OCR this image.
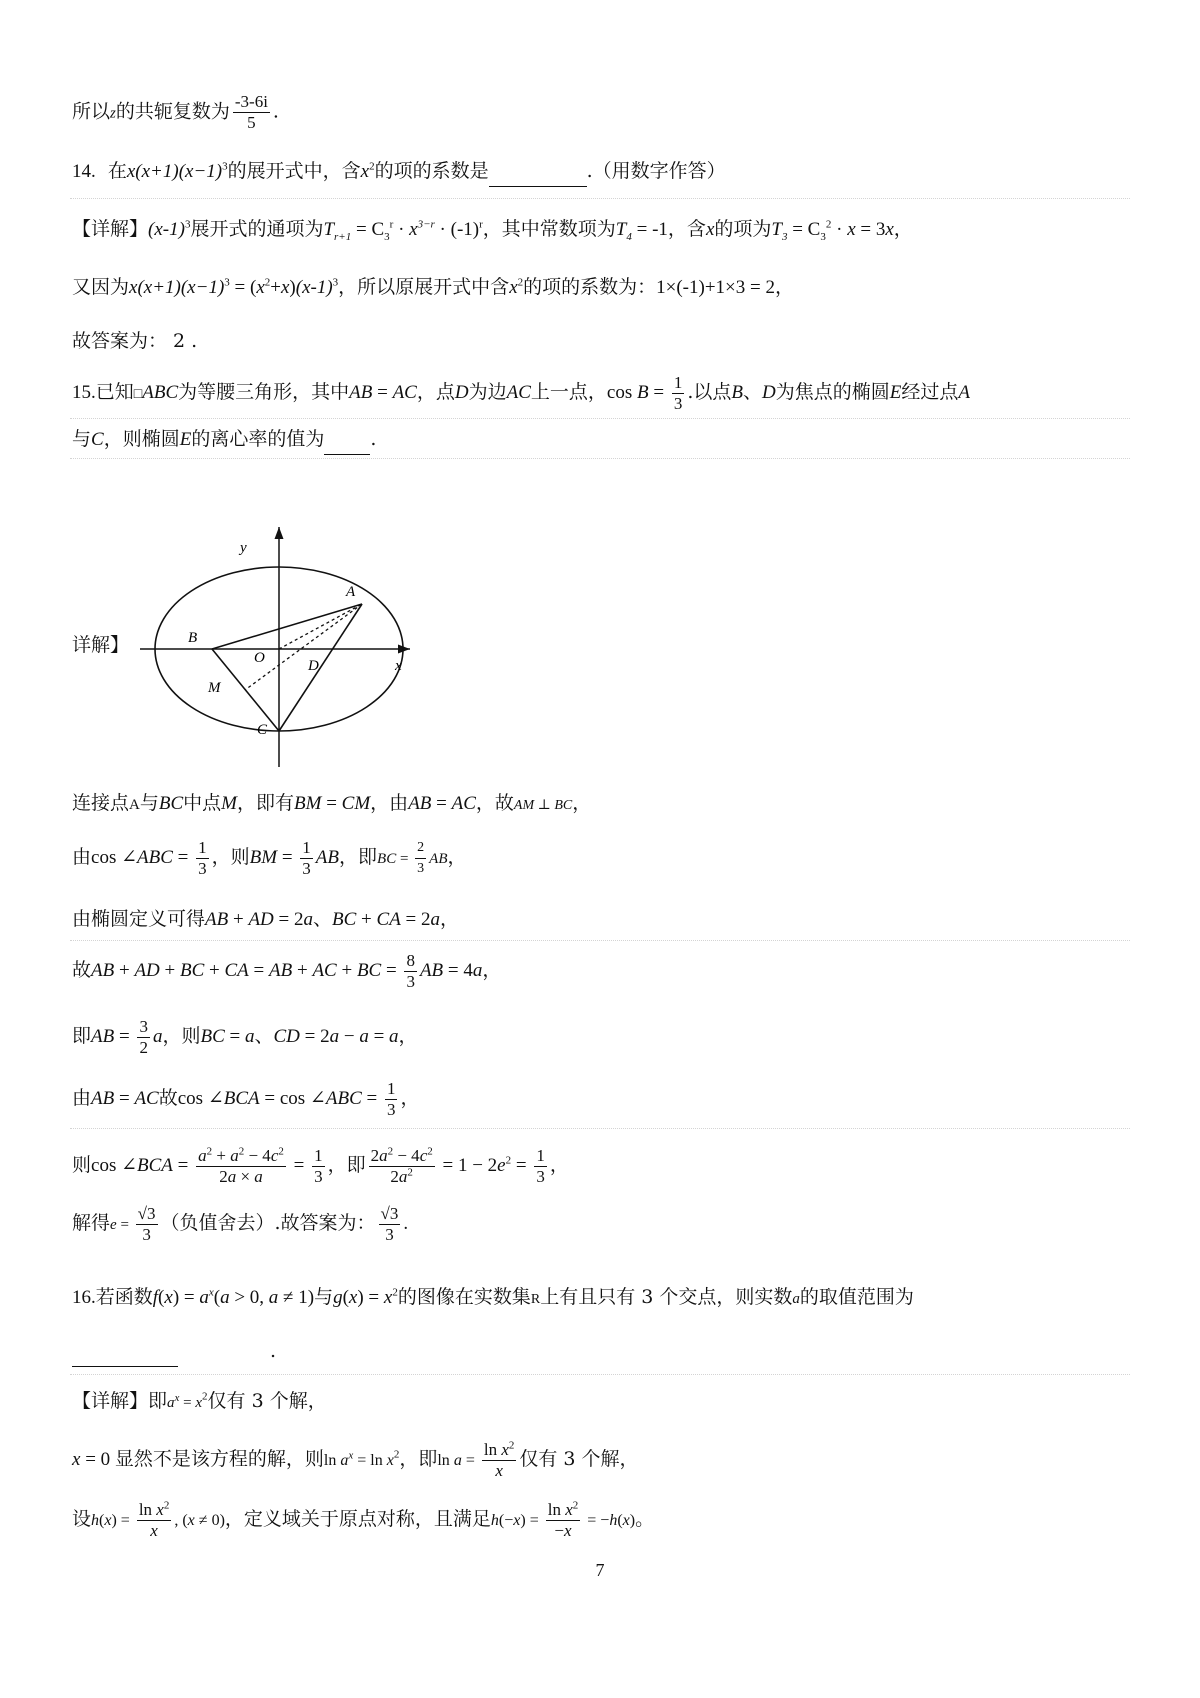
所以z的共轭复数为 $\frac{-3-6i}{5}$ .
14. 在$x(x+1)(x-1)^3$的展开式中，含$x^2$的项的系数是	.（用数字作答）
【详解】$(x-1)^3$展开式的通项为$T_{r+1} = C_3^r \cdot x^{3-r} \cdot (-1)^r$，其中常数项为$T_4 = -1$，含x的项为$T_3 = C_3^2 \cdot x = 3x$，
又因为$x(x+1)(x-1)^3 = (x^2+x)(x-1)^3$，所以原展开式中含$x^2$的项的系数为：1×(-1)+1×3 = 2，
故答案为： 2 .
15.已知□ABC为等腰三角形，其中AB = AC，点D为边AC上一点，$\cos B = \frac{1}{3}$ .以点B、D为焦点的椭圆E经过点A
与C，则椭圆E的离心率的值为 .
详解】
y
x
A
B
C
D
M
O
连接点A与BC中点M，即有BM = CM，由AB = AC，故AM ⊥ BC，
由cos ∠ABC = $\frac{1}{3}$ ，则BM = $\frac{1}{3}$ AB，即BC = $\frac{2}{3}$ AB，
由椭圆定义可得AB + AD = 2a、BC + CA = 2a，
故AB + AD + BC + CA = AB + AC + BC = $\frac{8}{3}$ AB = 4a，
即AB = $\frac{3}{2}$ a，则BC = a、CD = 2a − a = a，
由AB = AC故cos ∠BCA = cos ∠ABC = $\frac{1}{3}$ ，
则cos ∠BCA = $\frac{a^2 + a^2 - 4c^2}{2a \times a} = \frac{1}{3}$ ，即 $\frac{2a^2 - 4c^2}{2a^2} = 1 - 2e^2 = \frac{1}{3}$ ，
解得$e = \frac{√3}{3}$ （负值舍去）.故答案为： $\frac{√3}{3}$ .
16.若函数$f(x) = a^x(a > 0$, a ≠ 1)与$g(x) = x^2$的图像在实数集R上有且只有 3 个交点，则实数a的取值范围为
.
【详解】即$a^x = x^2$仅有 3 个解，
x = 0 显然不是该方程的解，则$\ln a^x = \ln x^2$，即$\ln a = \frac{\ln x^2}{x}$ 仅有 3 个解，
设$h(x) = \frac{\ln x^2}{x}$ , (x ≠ 0)，定义域关于原点对称，且满足$h(-x) = \frac{\ln x^2}{-x} = -h(x)$。
7
